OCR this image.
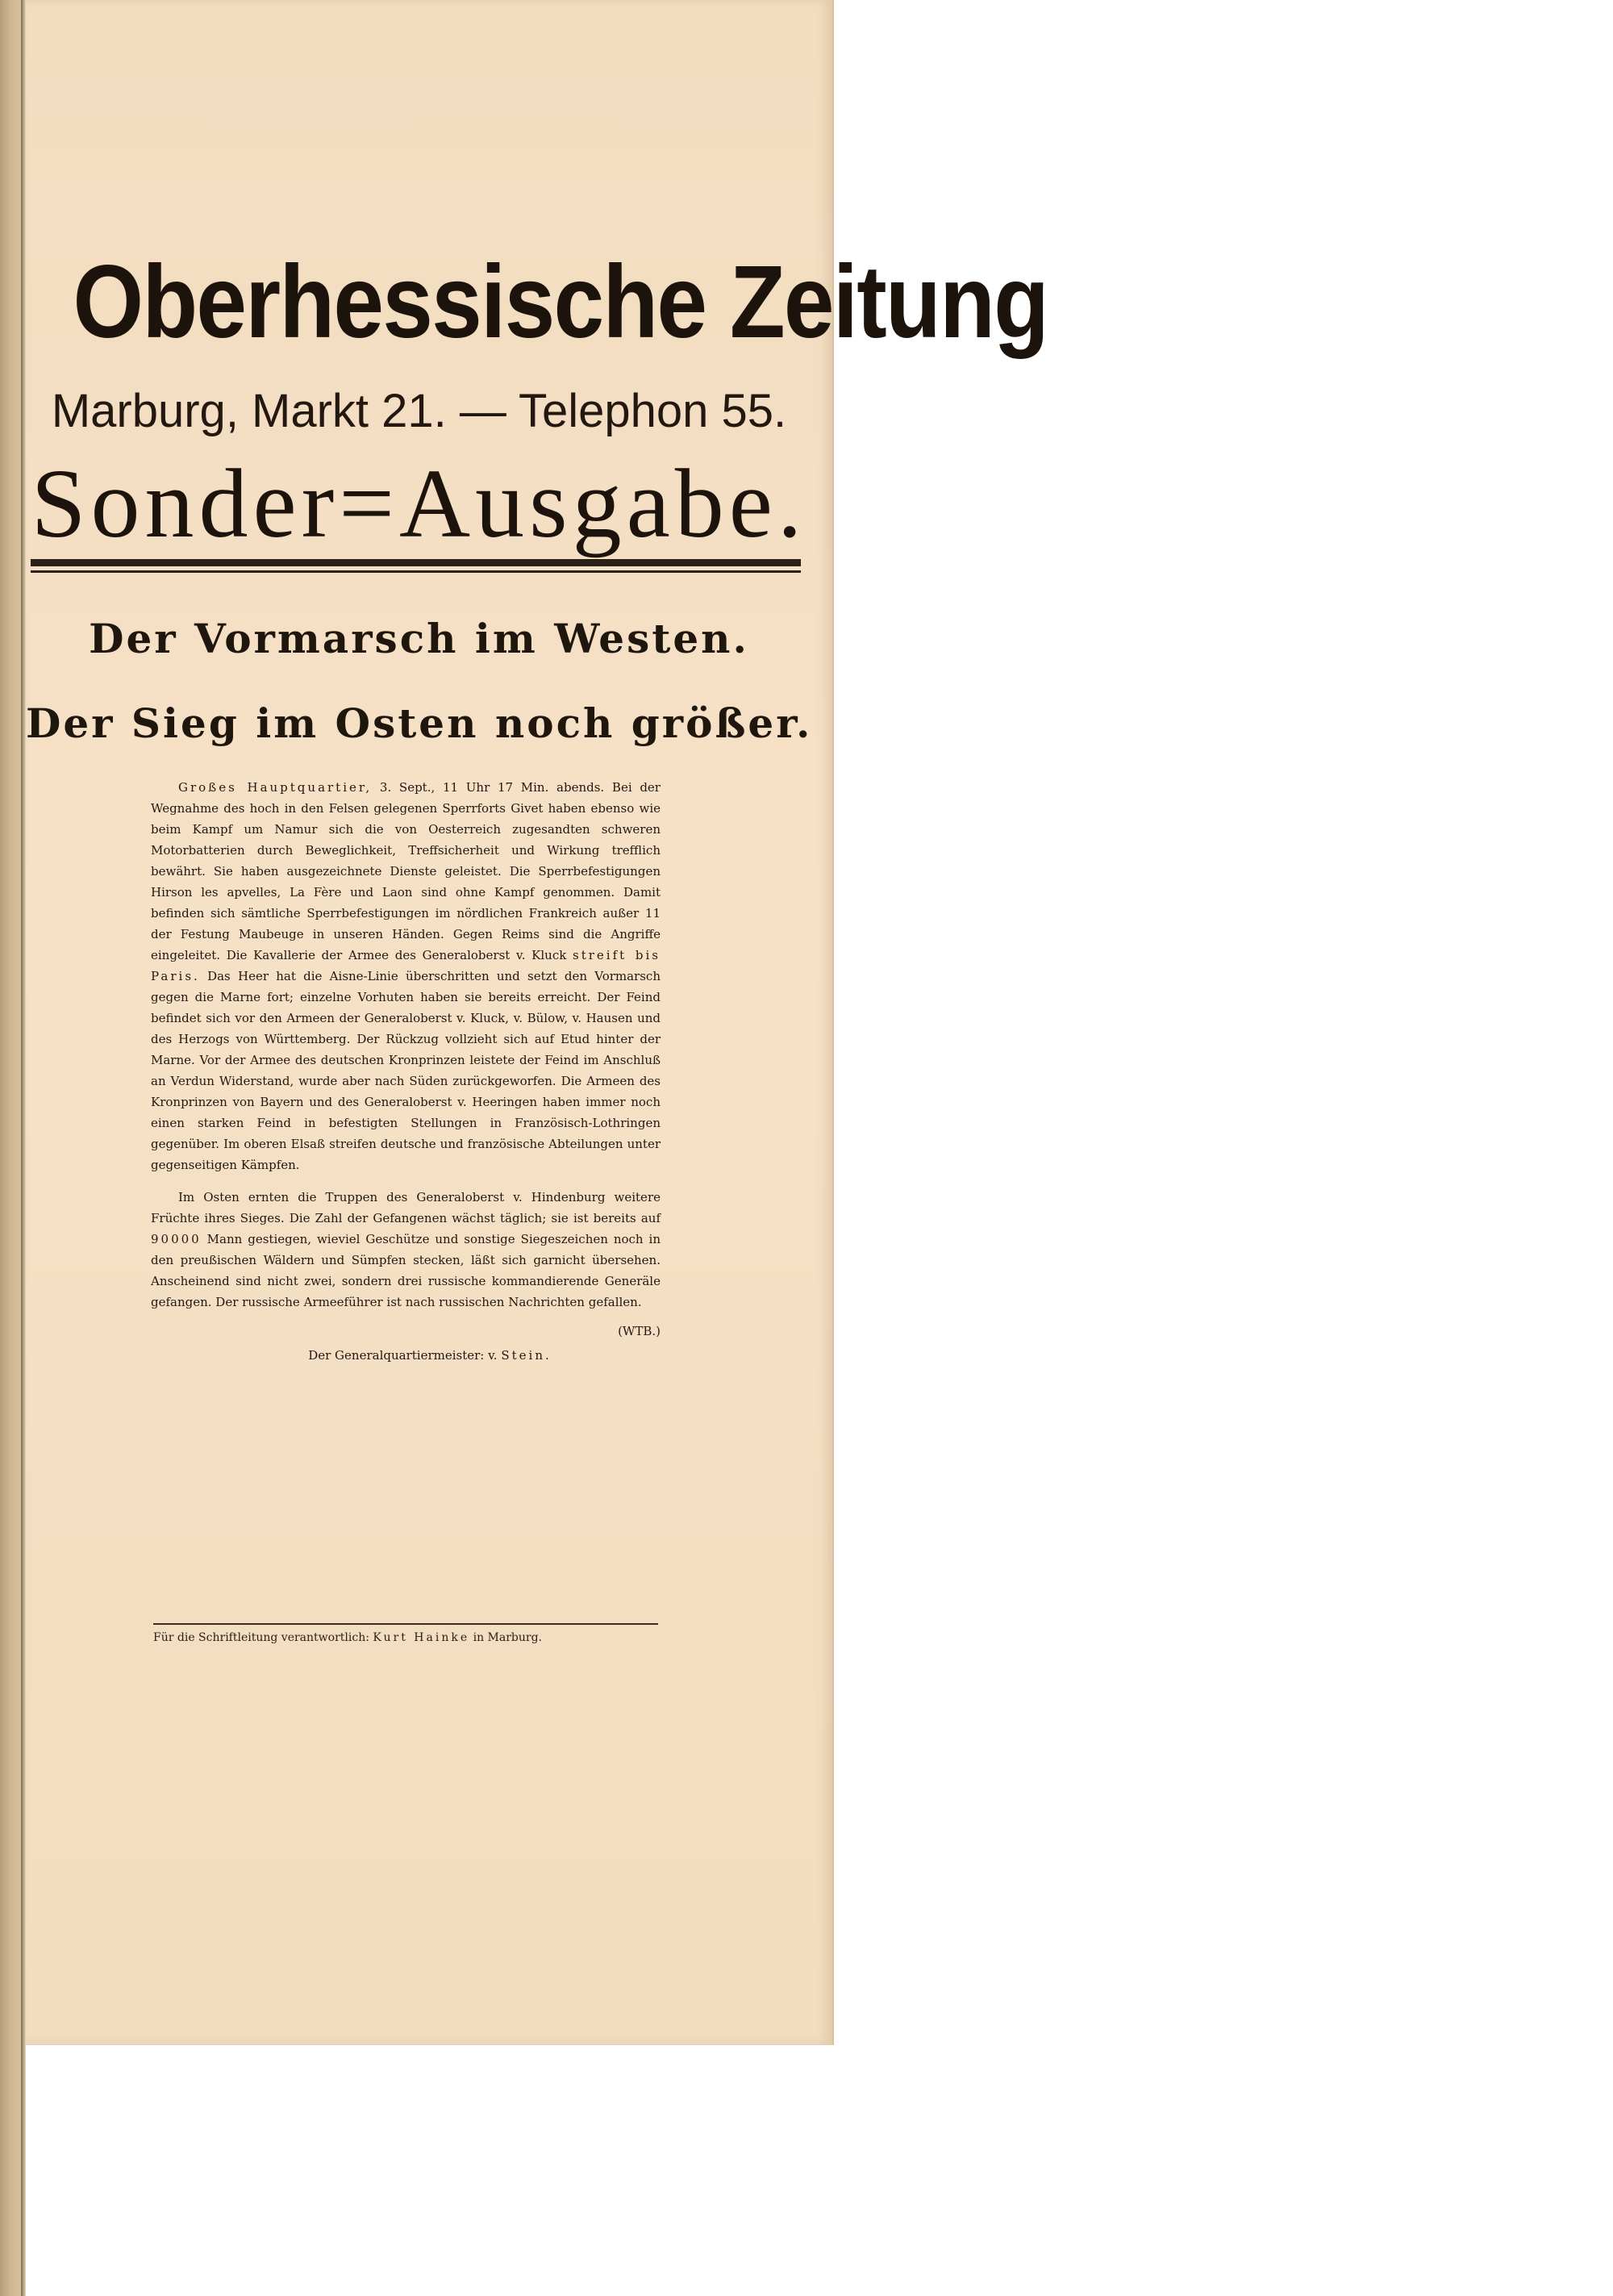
Oberhessische Zeitung
Marburg, Markt 21. — Telephon 55.
Sonder=Ausgabe.
Der Vormarsch im Westen.
Der Sieg im Osten noch größer.

Großes Hauptquartier, 3. Sept., 11 Uhr 17 Min. abends. Bei der Wegnahme des hoch in den Felsen gelegenen Sperrforts Givet haben ebenso wie beim Kampf um Namur sich die von Oesterreich zugesandten schweren Motorbatterien durch Beweglichkeit, Treffsicherheit und Wirkung trefflich bewährt. Sie haben ausgezeichnete Dienste geleistet. Die Sperrbefestigungen Hirson les apvelles, La Fère und Laon sind ohne Kampf genommen. Damit befinden sich sämtliche Sperrbefestigungen im nördlichen Frankreich außer 11 der Festung Maubeuge in unseren Händen. Gegen Reims sind die Angriffe eingeleitet. Die Kavallerie der Armee des Generaloberst v. Kluck streift bis Paris. Das Heer hat die Aisne-Linie überschritten und setzt den Vormarsch gegen die Marne fort; einzelne Vorhuten haben sie bereits erreicht. Der Feind befindet sich vor den Armeen der Generaloberst v. Kluck, v. Bülow, v. Hausen und des Herzogs von Württemberg. Der Rückzug vollzieht sich auf Etud hinter der Marne. Vor der Armee des deutschen Kronprinzen leistete der Feind im Anschluß an Verdun Widerstand, wurde aber nach Süden zurückgeworfen. Die Armeen des Kronprinzen von Bayern und des Generaloberst v. Heeringen haben immer noch einen starken Feind in befestigten Stellungen in Französisch-Lothringen gegenüber. Im oberen Elsaß streifen deutsche und französische Abteilungen unter gegenseitigen Kämpfen.

Im Osten ernten die Truppen des Generaloberst v. Hindenburg weitere Früchte ihres Sieges. Die Zahl der Gefangenen wächst täglich; sie ist bereits auf 90000 Mann gestiegen, wieviel Geschütze und sonstige Siegeszeichen noch in den preußischen Wäldern und Sümpfen stecken, läßt sich garnicht übersehen. Anscheinend sind nicht zwei, sondern drei russische kommandierende Generäle gefangen. Der russische Armeeführer ist nach russischen Nachrichten gefallen.

(WTB.)
Der Generalquartiermeister: v. Stein.
Für die Schriftleitung verantwortlich: Kurt Hainke in Marburg.
